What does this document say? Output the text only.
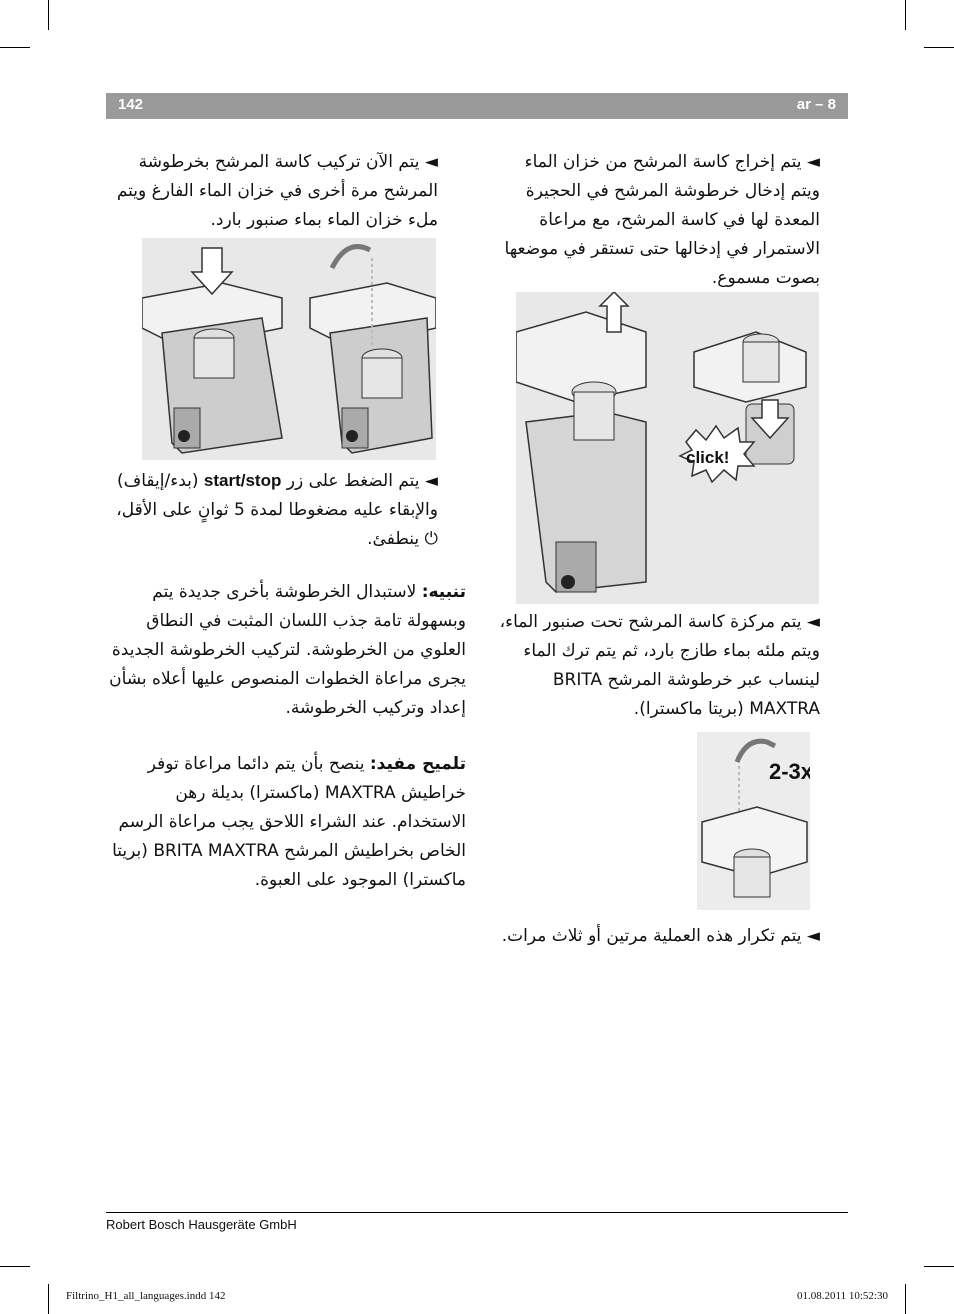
142	ar – 8
◄ يتم إخراج كاسة المرشح من خزان الماء ويتم إدخال خرطوشة المرشح في الحجيرة المعدة لها في كاسة المرشح، مع مراعاة الاستمرار في إدخالها حتى تستقر في موضعها بصوت مسموع.
click!
◄ يتم مركزة كاسة المرشح تحت صنبور الماء، ويتم ملئه بماء طازج بارد، ثم يتم ترك الماء لينساب عبر خرطوشة المرشح BRITA MAXTRA (بريتا ماكسترا).
2-3x
◄ يتم تكرار هذه العملية مرتين أو ثلاث مرات.
◄ يتم الآن تركيب كاسة المرشح بخرطوشة المرشح مرة أخرى في خزان الماء الفارغ ويتم ملء خزان الماء بماء صنبور بارد.
◄ يتم الضغط على زر start/stop (بدء/إيقاف) والإبقاء عليه مضغوطا لمدة 5 ثوانٍ على الأقل، ⏻ ينطفئ.
تنبيه: لاستبدال الخرطوشة بأخرى جديدة يتم وبسهولة تامة جذب اللسان المثبت في النطاق العلوي من الخرطوشة. لتركيب الخرطوشة الجديدة يجرى مراعاة الخطوات المنصوص عليها أعلاه بشأن إعداد وتركيب الخرطوشة.
تلميح مفيد: ينصح بأن يتم دائما مراعاة توفر خراطيش MAXTRA (ماكسترا) بديلة رهن الاستخدام. عند الشراء اللاحق يجب مراعاة الرسم الخاص بخراطيش المرشح BRITA MAXTRA (بريتا ماكسترا) الموجود على العبوة.
Robert Bosch Hausgeräte GmbH
Filtrino_H1_all_languages.indd 142	01.08.2011 10:52:30
